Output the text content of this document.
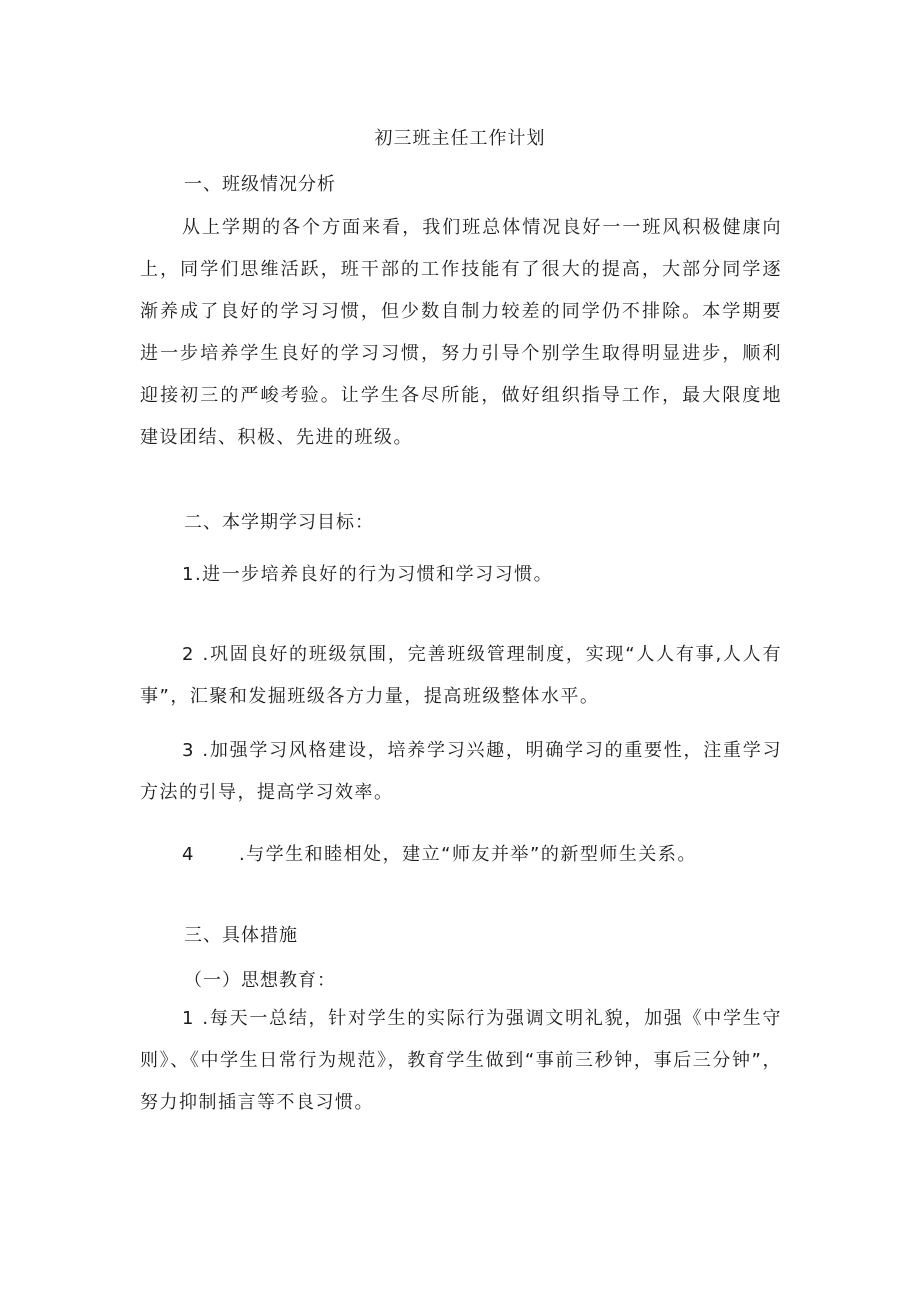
初三班主任工作计划
一、班级情况分析
从上学期的各个方面来看，我们班总体情况良好一一班风积极健康向上，同学们思维活跃，班干部的工作技能有了很大的提高，大部分同学逐渐养成了良好的学习习惯，但少数自制力较差的同学仍不排除。本学期要进一步培养学生良好的学习习惯，努力引导个别学生取得明显进步，顺利迎接初三的严峻考验。让学生各尽所能，做好组织指导工作，最大限度地建设团结、积极、先进的班级。
二、本学期学习目标：
1.进一步培养良好的行为习惯和学习习惯。
2 .巩固良好的班级氛围，完善班级管理制度，实现“人人有事,人人有事”，汇聚和发掘班级各方力量，提高班级整体水平。
3 .加强学习风格建设，培养学习兴趣，明确学习的重要性，注重学习方法的引导，提高学习效率。
4 .与学生和睦相处，建立“师友并举”的新型师生关系。
三、具体措施
（一）思想教育：
1 .每天一总结，针对学生的实际行为强调文明礼貌，加强《中学生守则》、《中学生日常行为规范》，教育学生做到“事前三秒钟，事后三分钟”，努力抑制插言等不良习惯。
